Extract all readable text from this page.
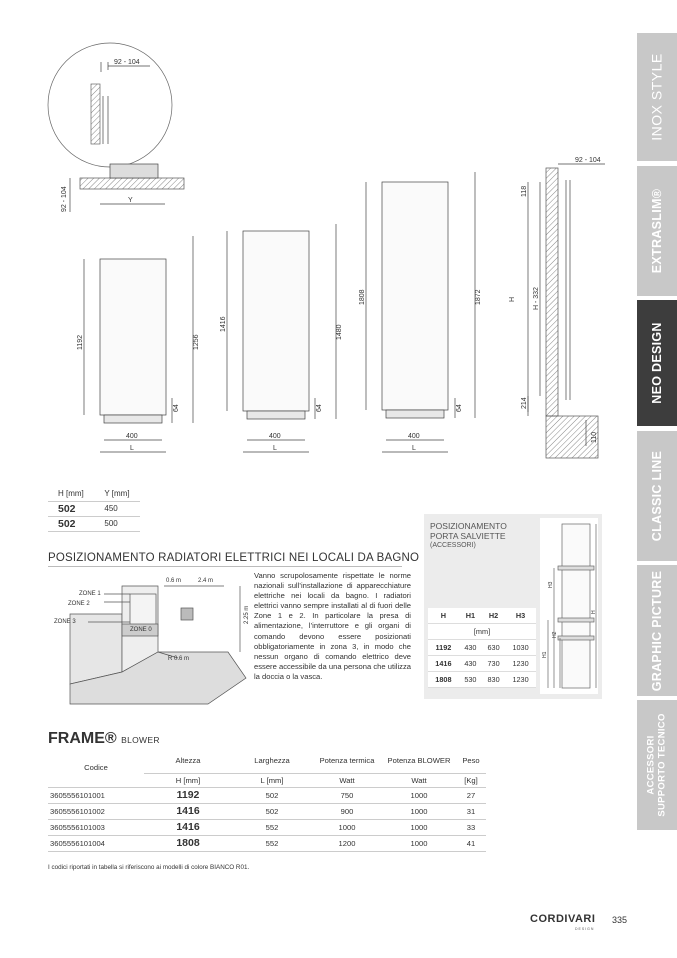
92 - 104
92 - 104	Y
1192	1256
64
400
L
1416
1480
64
400
L
1808	1872
64
400
L
92 - 104
118
H H - 332
214
110
H [mm]	Y [mm]
502	450
502	500
POSIZIONAMENTO RADIATORI ELETTRICI NEI LOCALI DA BAGNO
ZONE 1
ZONE 2
ZONE 3
ZONE 0
0.6 m	2.4 m
2.25 m
R 0.6 m
Vanno scrupolosamente rispettate le norme nazionali sull’installazione di apparecchiature elettriche nei locali da bagno. I radiatori elettrici vanno sempre installati al di fuori delle Zone 1 e 2. In particolare la presa di alimentazione, l’interruttore e gli organi di comando devono essere posizionati obbligatoriamente in zona 3, in modo che nessun organo di comando elettrico deve essere accessibile da una persona che utilizza la doccia o la vasca.
POSIZIONAMENTO
PORTA SALVIETTE
(ACCESSORI)
H3
H2
H1
H
H	H1	H2	H3
[mm]			
1192	430	630	1030
1416	430	730	1230
1808	530	830	1230
FRAME® BLOWER
Codice	Altezza	Larghezza	Potenza termica	Potenza BLOWER	Peso
	H [mm]	L [mm]	Watt	Watt	[Kg]
3605556101001	1192	502	750	1000	27
3605556101002	1416	502	900	1000	31
3605556101003	1416	552	1000	1000	33
3605556101004	1808	552	1200	1000	41
I codici riportati in tabella si riferiscono ai modelli di colore BIANCO R01.
INOX STYLE
EXTRASLIM®
NEO DESIGN
CLASSIC LINE
GRAPHIC PICTURE
ACCESSORI SUPPORTO TECNICO
CORDIVARI
DESIGN
335
